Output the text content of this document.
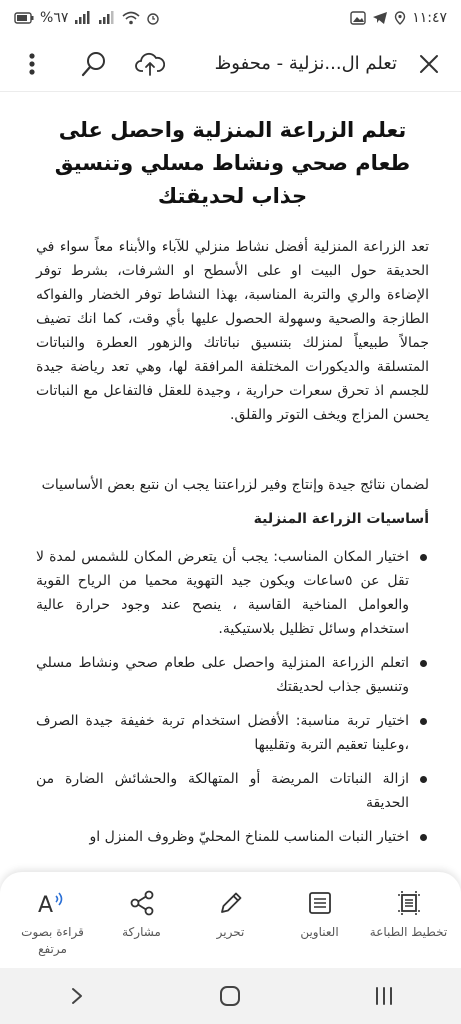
%٦٧	١١:٤٧
تعلم ال...نزلية - محفوظ
تعلم الزراعة المنزلية واحصل على طعام صحي ونشاط مسلي وتنسيق جذاب لحديقتك

تعد الزراعة المنزلية أفضل نشاط منزلي للآباء والأبناء معاً سواء في الحديقة حول البيت او على الأسطح او الشرفات، بشرط توفر الإضاءة والري والتربة المناسبة، بهذا النشاط توفر الخضار والفواكه الطازجة والصحية وسهولة الحصول عليها بأي وقت، كما انك تضيف جمالاً طبيعياً لمنزلك بتنسيق نباتاتك والزهور العطرة والنباتات المتسلقة والديكورات المختلفة المرافقة لها، وهي تعد رياضة جيدة للجسم اذ تحرق سعرات حرارية ، وجيدة للعقل فالتفاعل مع النباتات يحسن المزاج ويخف التوتر والقلق.

لضمان نتائج جيدة وإنتاج وفير لزراعتنا يجب ان نتبع بعض الأساسيات

أساسيات الزراعة المنزلية

اختيار المكان المناسب: يجب أن يتعرض المكان للشمس لمدة لا تقل عن ٥ساعات ويكون جيد التهوية محميا من الرياح القوية والعوامل المناخية القاسية ، ينصح عند وجود حرارة عالية استخدام وسائل تظليل بلاستيكية.
اتعلم الزراعة المنزلية واحصل على طعام صحي ونشاط مسلي وتنسيق جذاب لحديقتك
اختيار تربة مناسبة: الأفضل استخدام تربة خفيفة جيدة الصرف ،وعلينا تعقيم التربة وتقليبها
ازالة النباتات المريضة أو المتهالكة والحشائش الضارة من الحديقة
اختيار النبات المناسب للمناخ المحليّ وظروف المنزل او
A
قراءة بصوت مرتفع
مشاركة	تحرير	العناوين	تخطيط الطباعة
